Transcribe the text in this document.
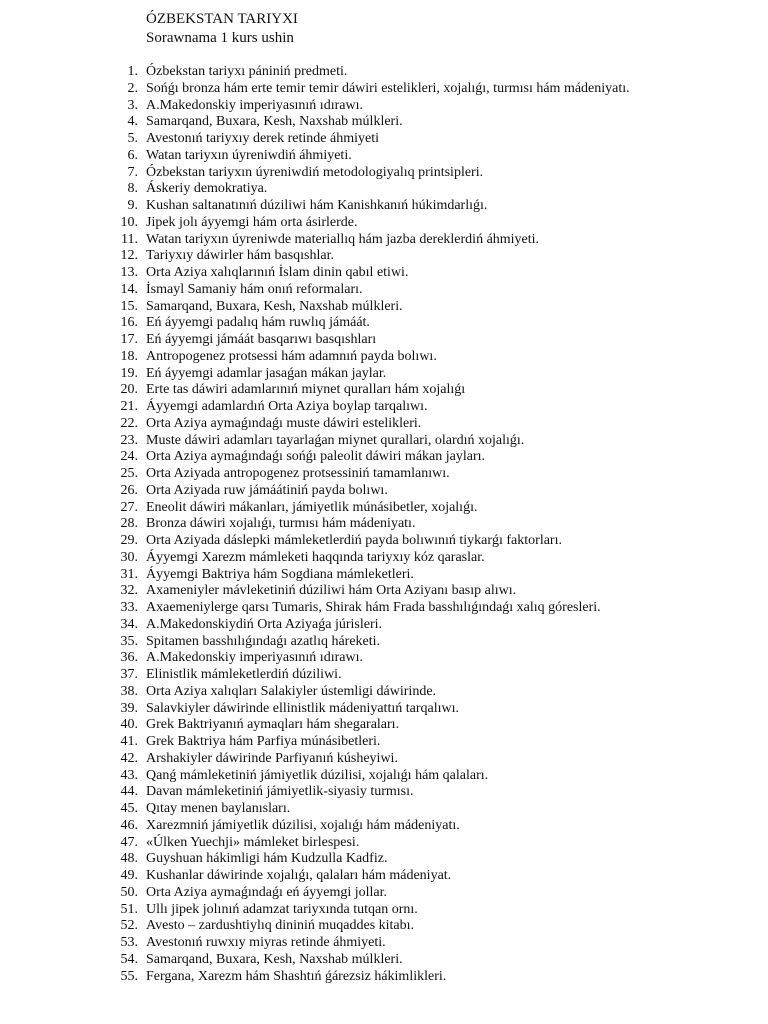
ÓZBEKSTAN TARIYXI
Sorawnama 1 kurs ushin
1. Ózbekstan tariyxı pániniń predmeti.
2. Sońǵı bronza hám erte temir temir dáwiri estelikleri, xojalıǵı, turmısı hám mádeniyatı.
3. A.Makedonskiy imperiyasınıń ıdırawı.
4. Samarqand, Buxara, Kesh, Naxshab múlkleri.
5. Avestonıń tariyxıy derek retinde áhmiyeti
6. Watan tariyxın úyreniwdiń áhmiyeti.
7. Ózbekstan tariyxın úyreniwdiń metodologiyalıq printsipleri.
8. Áskeriy demokratiya.
9. Kushan saltanatınıń dúziliwi hám Kanishkanıń húkimdarlıǵı.
10. Jipek jolı áyyemgi hám orta ásirlerde.
11. Watan tariyxın úyreniwde materiallıq hám jazba dereklerdiń áhmiyeti.
12. Tariyxıy dáwirler hám basqıshlar.
13. Orta Aziya xalıqlarınıń İslam dinin qabıl etiwi.
14. İsmayl Samaniy hám onıń reformaları.
15. Samarqand, Buxara, Kesh, Naxshab múlkleri.
16. Eń áyyemgi padalıq hám ruwlıq jámáát.
17. Eń áyyemgi jámáát basqarıwı basqıshları
18. Antropogenez protsessi hám adamnıń payda bolıwı.
19. Eń áyyemgi adamlar jasaǵan mákan jaylar.
20. Erte tas dáwiri adamlarınıń miynet quralları hám xojalıǵı
21. Áyyemgi adamlardıń Orta Aziya boylap tarqalıwı.
22. Orta Aziya aymaǵındaǵı muste dáwiri estelikleri.
23. Muste dáwiri adamları tayarlaǵan miynet qurallari, olardıń xojalıǵı.
24. Orta Aziya aymaǵındaǵı sońǵı paleolit dáwiri mákan jayları.
25. Orta Aziyada antropogenez protsessiniń tamamlanıwı.
26. Orta Aziyada ruw jámáátiniń payda bolıwı.
27. Eneolit dáwiri mákanları, jámiyetlik múnásibetler, xojalıǵı.
28. Bronza dáwiri xojalıǵı, turmısı hám mádeniyatı.
29. Orta Aziyada dáslepki mámleketlerdiń payda bolıwınıń tiykarǵı faktorları.
30. Áyyemgi Xarezm mámleketi haqqında tariyxıy kóz qaraslar.
31. Áyyemgi Baktriya hám Sogdiana mámleketleri.
32. Axameniyler mávleketiniń dúziliwi hám Orta Aziyanı basıp alıwı.
33. Axaemeniylerge qarsı Tumaris, Shirak hám Frada basshılıǵındaǵı xalıq góresleri.
34. A.Makedonskiydiń Orta Aziyaǵa júrisleri.
35. Spitamen basshılıǵındaǵı azatlıq háreketi.
36. A.Makedonskiy imperiyasınıń ıdırawı.
37. Elinistlik mámleketlerdiń dúziliwi.
38. Orta Aziya xalıqları Salakiyler ústemligi dáwirinde.
39. Salavkiyler dáwirinde ellinistlik mádeniyattıń tarqalıwı.
40. Grek Baktriyanıń aymaqları hám shegaraları.
41. Grek Baktriya hám Parfiya múnásibetleri.
42. Arshakiyler dáwirinde Parfiyanıń kúsheyiwi.
43. Qanǵ mámleketiniń jámiyetlik dúzilisi, xojalıǵı hám qalaları.
44. Davan mámleketiniń jámiyetlik-siyasiy turmısı.
45. Qıtay menen baylanısları.
46. Xarezmniń jámiyetlik dúzilisi, xojalıǵı hám mádeniyatı.
47. «Úlken Yuechji» mámleket birlespesi.
48. Guyshuan hákimligi hám Kudzulla Kadfiz.
49. Kushanlar dáwirinde xojalıǵı, qalaları hám mádeniyat.
50. Orta Aziya aymaǵındaǵı eń áyyemgi jollar.
51. Ullı jipek jolınıń adamzat tariyxında tutqan ornı.
52. Avesto – zardushtiylıq dininiń muqaddes kitabı.
53. Avestonıń ruwxıy miyras retinde áhmiyeti.
54. Samarqand, Buxara, Kesh, Naxshab múlkleri.
55. Fergana, Xarezm hám Shashtıń ǵárezsiz hákimlikleri.
